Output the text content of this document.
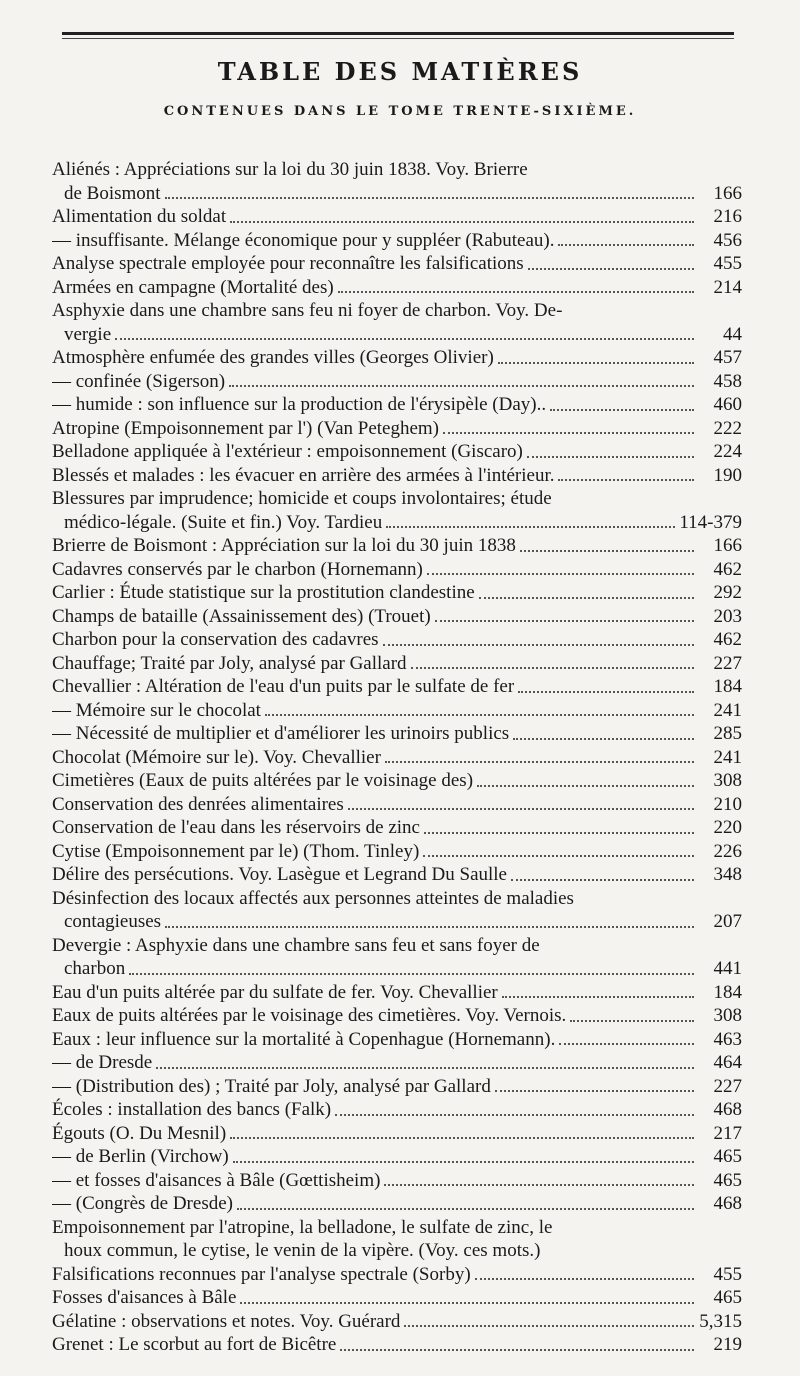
TABLE DES MATIÈRES
CONTENUES DANS LE TOME TRENTE-SIXIÈME.
Aliénés : Appréciations sur la loi du 30 juin 1838. Voy. Brierre
de Boismont	166
Alimentation du soldat	216
— insuffisante. Mélange économique pour y suppléer (Rabuteau).	456
Analyse spectrale employée pour reconnaître les falsifications	455
Armées en campagne (Mortalité des)	214
Asphyxie dans une chambre sans feu ni foyer de charbon. Voy. De-
vergie	44
Atmosphère enfumée des grandes villes (Georges Olivier)	457
— confinée (Sigerson)	458
— humide : son influence sur la production de l'érysipèle (Day)..	460
Atropine (Empoisonnement par l') (Van Peteghem)	222
Belladone appliquée à l'extérieur : empoisonnement (Giscaro)	224
Blessés et malades : les évacuer en arrière des armées à l'intérieur.	190
Blessures par imprudence; homicide et coups involontaires; étude
médico-légale. (Suite et fin.) Voy. Tardieu	114-379
Brierre de Boismont : Appréciation sur la loi du 30 juin 1838	166
Cadavres conservés par le charbon (Hornemann)	462
Carlier : Étude statistique sur la prostitution clandestine	292
Champs de bataille (Assainissement des) (Trouet)	203
Charbon pour la conservation des cadavres	462
Chauffage; Traité par Joly, analysé par Gallard	227
Chevallier : Altération de l'eau d'un puits par le sulfate de fer	184
— Mémoire sur le chocolat	241
— Nécessité de multiplier et d'améliorer les urinoirs publics	285
Chocolat (Mémoire sur le). Voy. Chevallier	241
Cimetières (Eaux de puits altérées par le voisinage des)	308
Conservation des denrées alimentaires	210
Conservation de l'eau dans les réservoirs de zinc	220
Cytise (Empoisonnement par le) (Thom. Tinley)	226
Délire des persécutions. Voy. Lasègue et Legrand Du Saulle	348
Désinfection des locaux affectés aux personnes atteintes de maladies
contagieuses	207
Devergie : Asphyxie dans une chambre sans feu et sans foyer de
charbon	441
Eau d'un puits altérée par du sulfate de fer. Voy. Chevallier	184
Eaux de puits altérées par le voisinage des cimetières. Voy. Vernois.	308
Eaux : leur influence sur la mortalité à Copenhague (Hornemann).	463
— de Dresde	464
— (Distribution des) ; Traité par Joly, analysé par Gallard	227
Écoles : installation des bancs (Falk)	468
Égouts (O. Du Mesnil)	217
— de Berlin (Virchow)	465
— et fosses d'aisances à Bâle (Gœttisheim)	465
— (Congrès de Dresde)	468
Empoisonnement par l'atropine, la belladone, le sulfate de zinc, le
houx commun, le cytise, le venin de la vipère. (Voy. ces mots.)
Falsifications reconnues par l'analyse spectrale (Sorby)	455
Fosses d'aisances à Bâle	465
Gélatine : observations et notes. Voy. Guérard	5,315
Grenet : Le scorbut au fort de Bicêtre	219
